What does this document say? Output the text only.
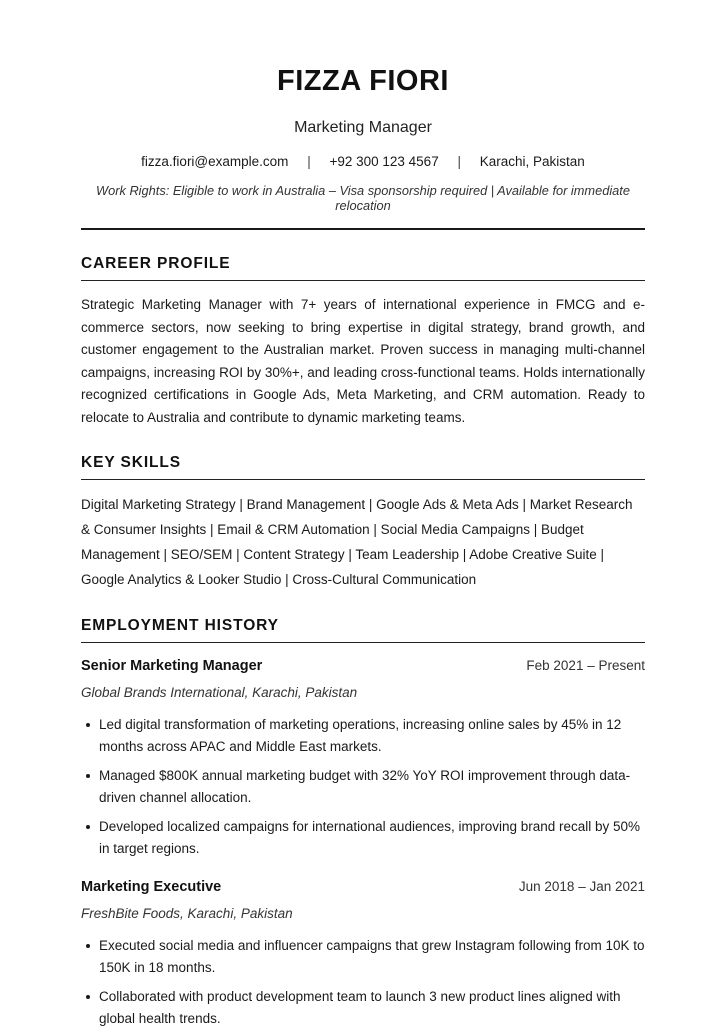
FIZZA FIORI
Marketing Manager
fizza.fiori@example.com | +92 300 123 4567 | Karachi, Pakistan
Work Rights: Eligible to work in Australia – Visa sponsorship required | Available for immediate relocation
CAREER PROFILE

Strategic Marketing Manager with 7+ years of international experience in FMCG and e-commerce sectors, now seeking to bring expertise in digital strategy, brand growth, and customer engagement to the Australian market. Proven success in managing multi-channel campaigns, increasing ROI by 30%+, and leading cross-functional teams. Holds internationally recognized certifications in Google Ads, Meta Marketing, and CRM automation. Ready to relocate to Australia and contribute to dynamic marketing teams.

KEY SKILLS

Digital Marketing Strategy | Brand Management | Google Ads & Meta Ads | Market Research & Consumer Insights | Email & CRM Automation | Social Media Campaigns | Budget Management | SEO/SEM | Content Strategy | Team Leadership | Adobe Creative Suite | Google Analytics & Looker Studio | Cross-Cultural Communication

EMPLOYMENT HISTORY
Senior Marketing Manager	Feb 2021 – Present
Global Brands International, Karachi, Pakistan
Led digital transformation of marketing operations, increasing online sales by 45% in 12 months across APAC and Middle East markets.
Managed $800K annual marketing budget with 32% YoY ROI improvement through data-driven channel allocation.
Developed localized campaigns for international audiences, improving brand recall by 50% in target regions.
Marketing Executive	Jun 2018 – Jan 2021
FreshBite Foods, Karachi, Pakistan
Executed social media and influencer campaigns that grew Instagram following from 10K to 150K in 18 months.
Collaborated with product development team to launch 3 new product lines aligned with global health trends.
